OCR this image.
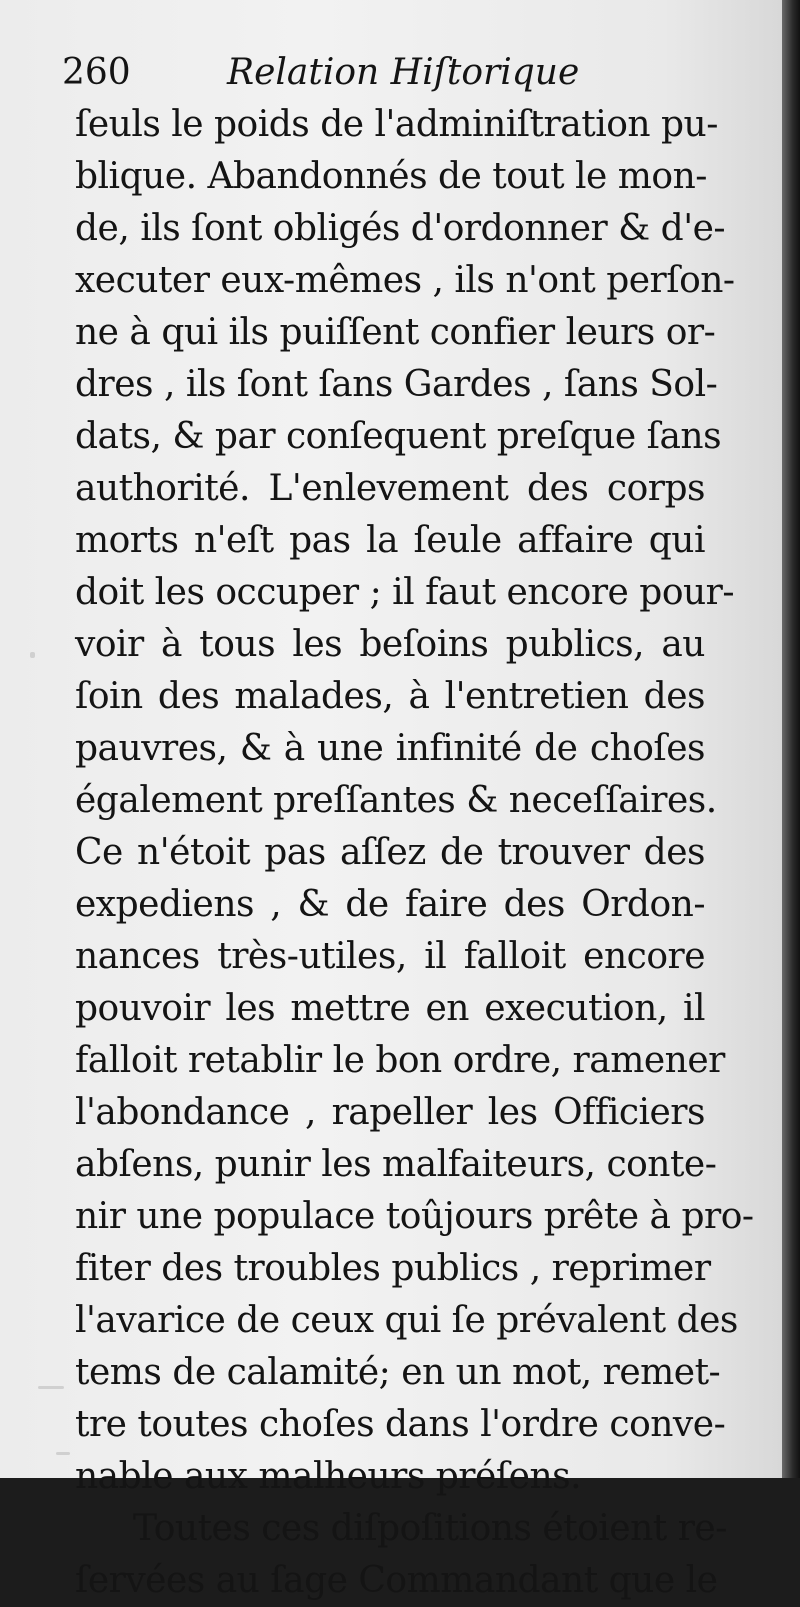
260	Relation Hiſtorique
ſeuls le poids de l'adminiſtration pu-
blique. Abandonnés de tout le mon-
de, ils ſont obligés d'ordonner & d'e-
xecuter eux-mêmes , ils n'ont perſon-
ne à qui ils puiſſent confier leurs or-
dres , ils ſont ſans Gardes , ſans Sol-
dats, & par conſequent preſque ſans
authorité. L'enlevement des corps
morts n'eſt pas la ſeule affaire qui
doit les occuper ; il faut encore pour-
voir à tous les beſoins publics, au
ſoin des malades, à l'entretien des
pauvres, & à une infinité de choſes
également preſſantes & neceſſaires.
Ce n'étoit pas aſſez de trouver des
expediens , & de faire des Ordon-
nances très-utiles, il falloit encore
pouvoir les mettre en execution, il
falloit retablir le bon ordre, ramener
l'abondance , rapeller les Officiers
abſens, punir les malfaiteurs, conte-
nir une populace toûjours prête à pro-
fiter des troubles publics , reprimer
l'avarice de ceux qui ſe prévalent des
tems de calamité; en un mot, remet-
tre toutes choſes dans l'ordre conve-
nable aux malheurs préſens.
Toutes ces diſpoſitions étoient re-
ſervées au ſage Commandant que le
